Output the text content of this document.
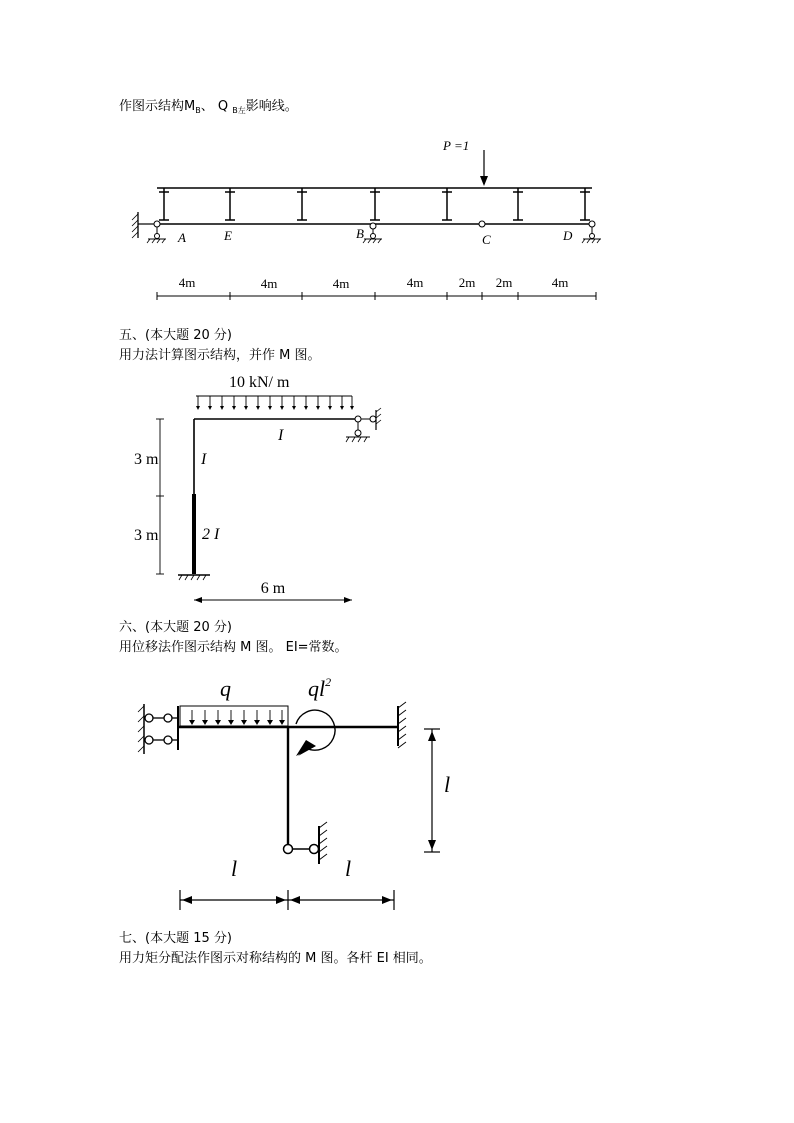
作图示结构$M_B$、 Q $_{B左}$影响线。
P =1
A	E	B	C	D
4m	4m	4m	4m	2m 2m	4m
五、(本大题 20 分)
用力法计算图示结构，并作 M 图。
10 kN/ m
I
I
2 I
3 m
3 m
6 m
六、(本大题 20 分)
用位移法作图示结构 M 图。 EI=常数。
q	$ql^2$
l
l	l
七、(本大题 15 分)
用力矩分配法作图示对称结构的 M 图。各杆 EI 相同。
